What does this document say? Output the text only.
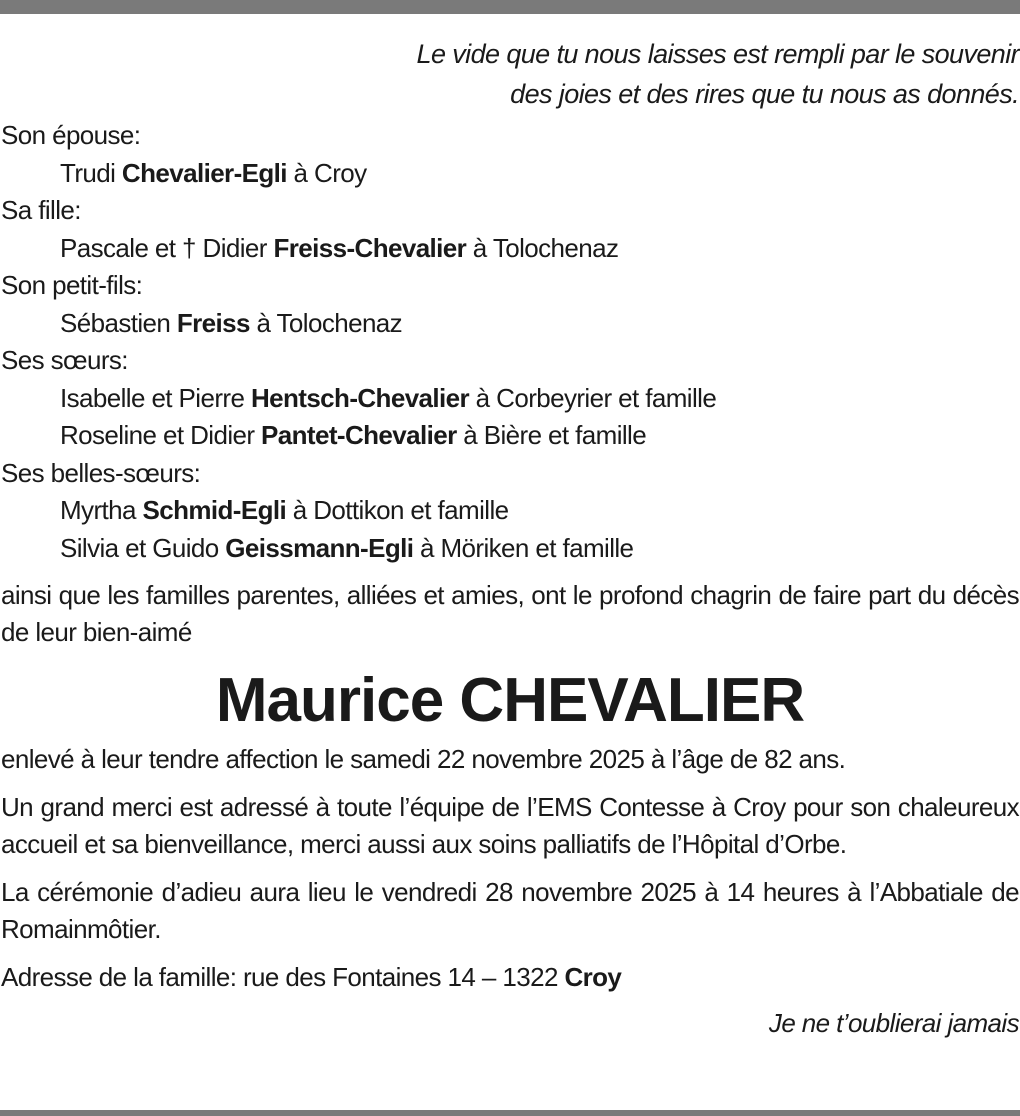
Le vide que tu nous laisses est rempli par le souvenir
des joies et des rires que tu nous as donnés.
Son épouse:
Trudi Chevalier-Egli à Croy
Sa fille:
Pascale et † Didier Freiss-Chevalier à Tolochenaz
Son petit-fils:
Sébastien Freiss à Tolochenaz
Ses sœurs:
Isabelle et Pierre Hentsch-Chevalier à Corbeyrier et famille
Roseline et Didier Pantet-Chevalier à Bière et famille
Ses belles-sœurs:
Myrtha Schmid-Egli à Dottikon et famille
Silvia et Guido Geissmann-Egli à Möriken et famille
ainsi que les familles parentes, alliées et amies, ont le profond chagrin de faire part du décès de leur bien-aimé
Maurice CHEVALIER
enlevé à leur tendre affection le samedi 22 novembre 2025 à l’âge de 82 ans.
Un grand merci est adressé à toute l’équipe de l’EMS Contesse à Croy pour son chaleureux accueil et sa bienveillance, merci aussi aux soins palliatifs de l’Hôpital d’Orbe.
La cérémonie d’adieu aura lieu le vendredi 28 novembre 2025 à 14 heures à l’Abbatiale de Romainmôtier.
Adresse de la famille: rue des Fontaines 14 – 1322 Croy
Je ne t’oublierai jamais
